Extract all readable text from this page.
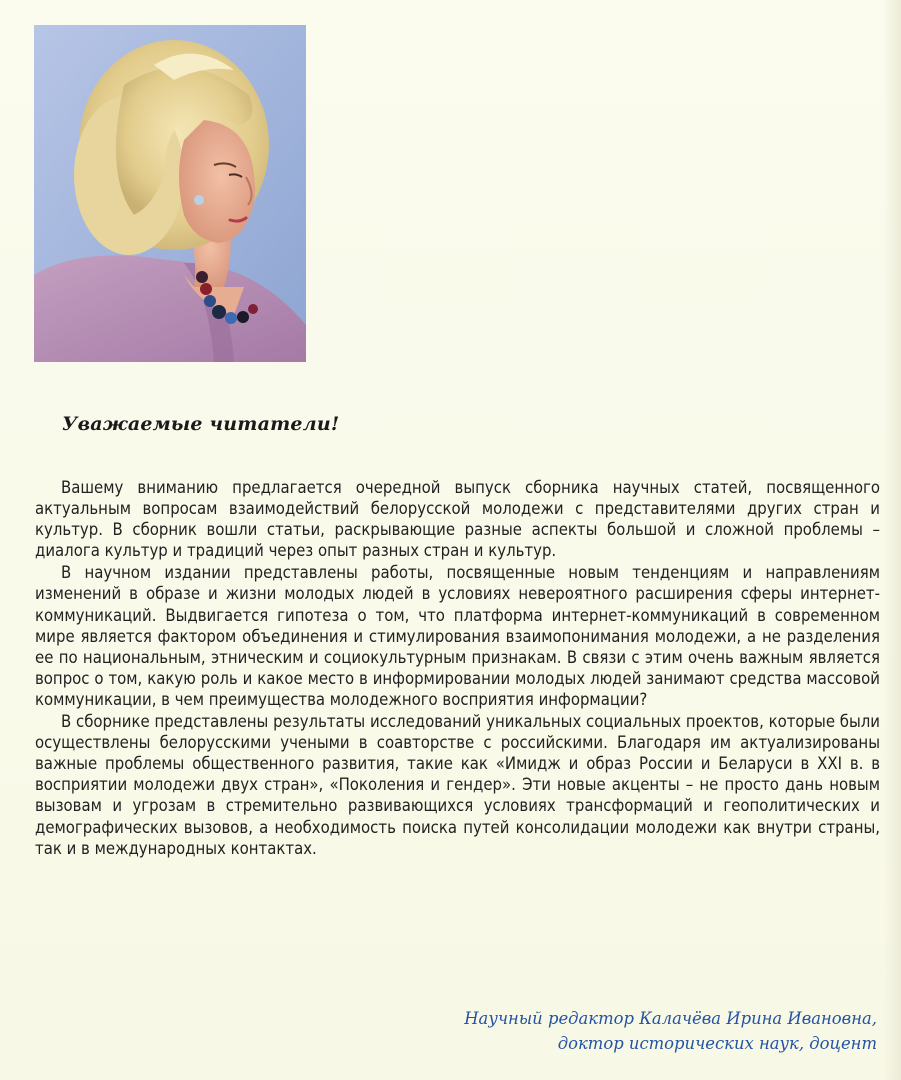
Уважаемые читатели!

Вашему вниманию предлагается очередной выпуск сборника научных статей, посвященного актуальным вопросам взаимодействий белорусской молодежи с представителями других стран и культур. В сборник вошли статьи, раскрывающие разные аспекты большой и сложной проблемы – диалога культур и традиций через опыт разных стран и культур.

В научном издании представлены работы, посвященные новым тенденциям и направлениям изменений в образе и жизни молодых людей в условиях невероятного расширения сферы интернет-коммуникаций. Выдвигается гипотеза о том, что платформа интернет-коммуникаций в современном мире является фактором объединения и стимулирования взаимопонимания молодежи, а не разделения ее по национальным, этническим и социокультурным признакам. В связи с этим очень важным является вопрос о том, какую роль и какое место в информировании молодых людей занимают средства массовой коммуникации, в чем преимущества молодежного восприятия информации?

В сборнике представлены результаты исследований уникальных социальных проектов, которые были осуществлены белорусскими учеными в соавторстве с российскими. Благодаря им актуализированы важные проблемы общественного развития, такие как «Имидж и образ России и Беларуси в XXI в. в восприятии молодежи двух стран», «Поколения и гендер». Эти новые акценты – не просто дань новым вызовам и угрозам в стремительно развивающихся условиях трансформаций и геополитических и демографических вызовов, а необходимость поиска путей консолидации молодежи как внутри страны, так и в международных контактах.

Научный редактор Калачёва Ирина Ивановна,
доктор исторических наук, доцент
